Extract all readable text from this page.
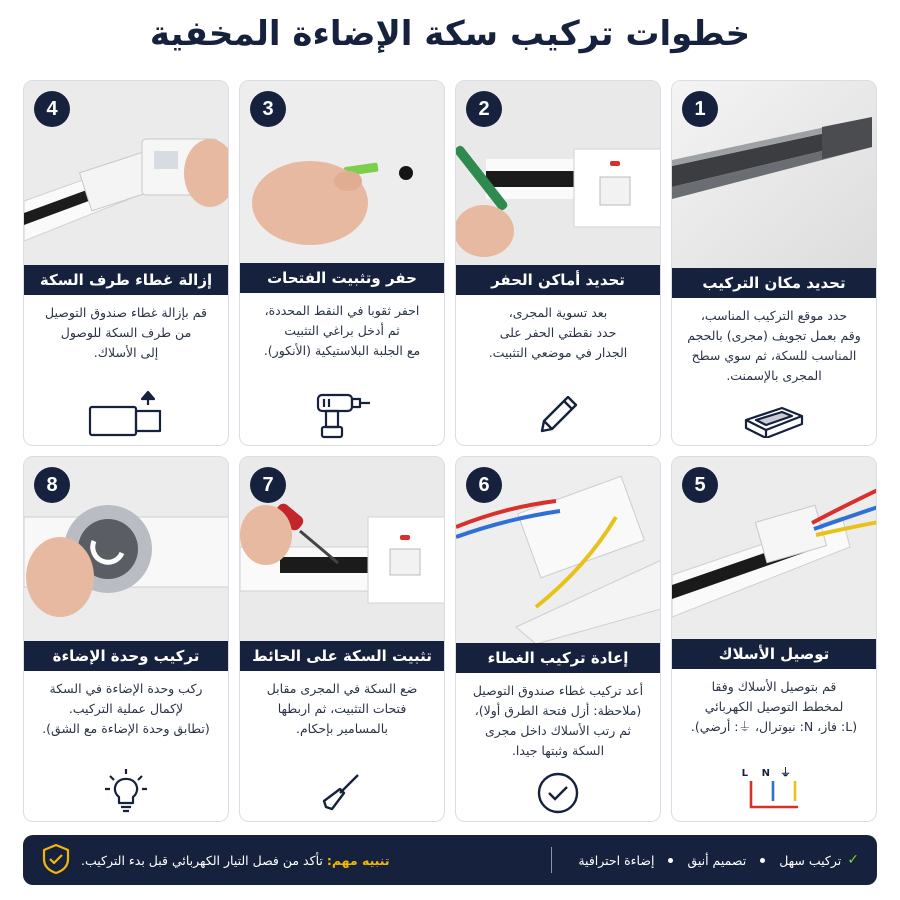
خطوات تركيب سكة الإضاءة المخفية
1
تحديد مكان التركيب
حدد موقع التركيب المناسب،
وقم بعمل تجويف (مجرى) بالحجم
المناسب للسكة، ثم سوي سطح
المجرى بالإسمنت.
2
تحديد أماكن الحفر
بعد تسوية المجرى،
حدد نقطتي الحفر على
الجدار في موضعي التثبيت.
3
حفر وتثبيت الفتحات
احفر ثقوبا في النقط المحددة،
ثم أدخل براغي التثبيت
مع الجلبة البلاستيكية (الأنكور).
4
إزالة غطاء طرف السكة
قم بإزالة غطاء صندوق التوصيل
من طرف السكة للوصول
إلى الأسلاك.
5
توصيل الأسلاك
قم بتوصيل الأسلاك وفقا
لمخطط التوصيل الكهربائي
(L: فاز، N: نيوترال، ⏚: أرضي).
L N ⏚
6
إعادة تركيب الغطاء
أعد تركيب غطاء صندوق التوصيل
(ملاحظة: أزل فتحة الطرق أولا)،
ثم رتب الأسلاك داخل مجرى
السكة وثبتها جيدا.
7
تثبيت السكة على الحائط
ضع السكة في المجرى مقابل
فتحات التثبيت، ثم اربطها
بالمسامير بإحكام.
8
تركيب وحدة الإضاءة
ركب وحدة الإضاءة في السكة
لإكمال عملية التركيب.
(تطابق وحدة الإضاءة مع الشق).
✓
تركيب سهل
تصميم أنيق
إضاءة احترافية
تنبيه مهم: تأكد من فصل التيار الكهربائي قبل بدء التركيب.
